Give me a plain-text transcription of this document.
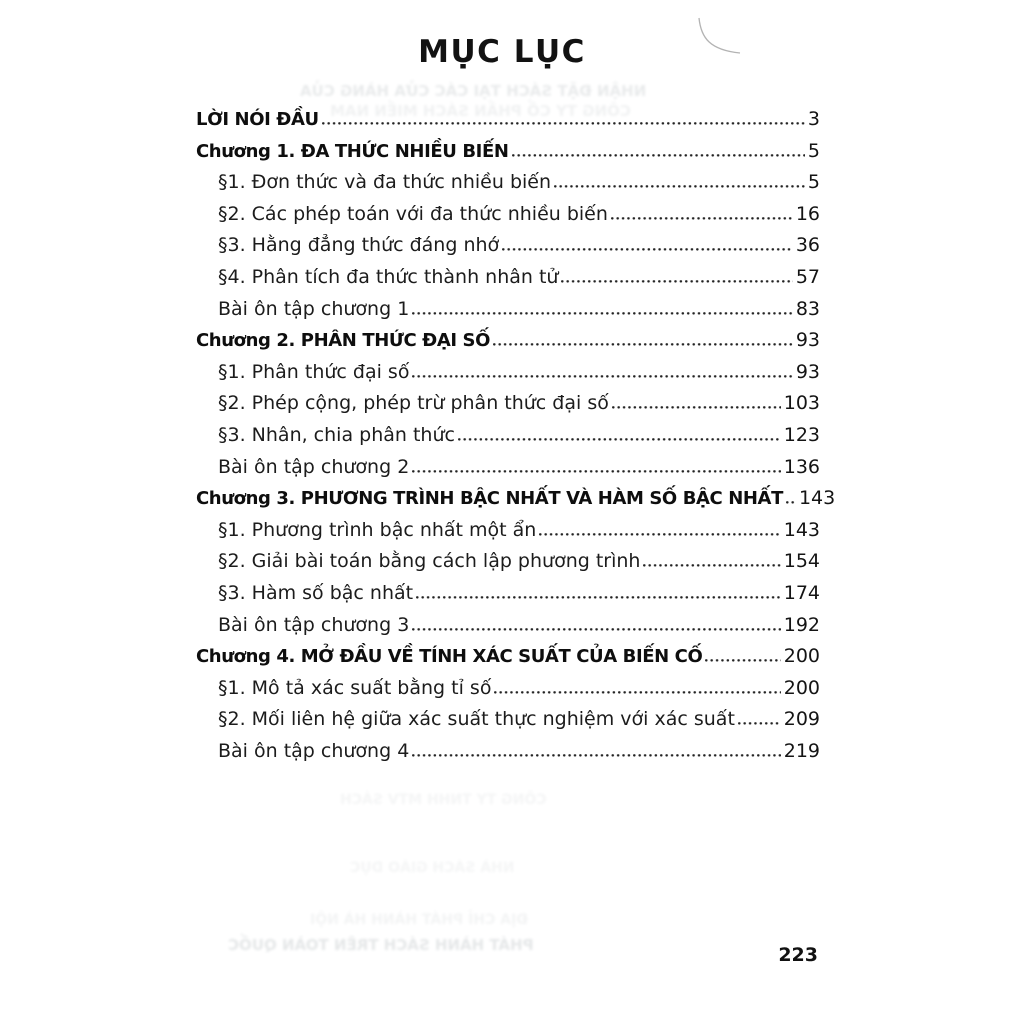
MỤC LỤC
LỜI NÓI ĐẦU	3
Chương 1. ĐA THỨC NHIỀU BIẾN	5
§1. Đơn thức và đa thức nhiều biến	5
§2. Các phép toán với đa thức nhiều biến	16
§3. Hằng đẳng thức đáng nhớ	36
§4. Phân tích đa thức thành nhân tử	57
Bài ôn tập chương 1	83
Chương 2. PHÂN THỨC ĐẠI SỐ	93
§1. Phân thức đại số	93
§2. Phép cộng, phép trừ phân thức đại số	103
§3. Nhân, chia phân thức	123
Bài ôn tập chương 2	136
Chương 3. PHƯƠNG TRÌNH BẬC NHẤT VÀ HÀM SỐ BẬC NHẤT 143
§1. Phương trình bậc nhất một ẩn	143
§2. Giải bài toán bằng cách lập phương trình	154
§3. Hàm số bậc nhất	174
Bài ôn tập chương 3	192
Chương 4. MỞ ĐẦU VỀ TÍNH XÁC SUẤT CỦA BIẾN CỐ	200
§1. Mô tả xác suất bằng tỉ số	200
§2. Mối liên hệ giữa xác suất thực nghiệm với xác suất	209
Bài ôn tập chương 4	219
NHẬN ĐẶT SÁCH TẠI CÁC CỬA HÀNG CỦA
CÔNG TY CỔ PHẦN SÁCH MIỀN NAM
CÔNG TY TNHH MTV SÁCH
NHÀ SÁCH GIÁO DỤC
ĐỊA CHỈ PHÁT HÀNH HÀ NỘI
PHÁT HÀNH SÁCH TRÊN TOÀN QUỐC	223
